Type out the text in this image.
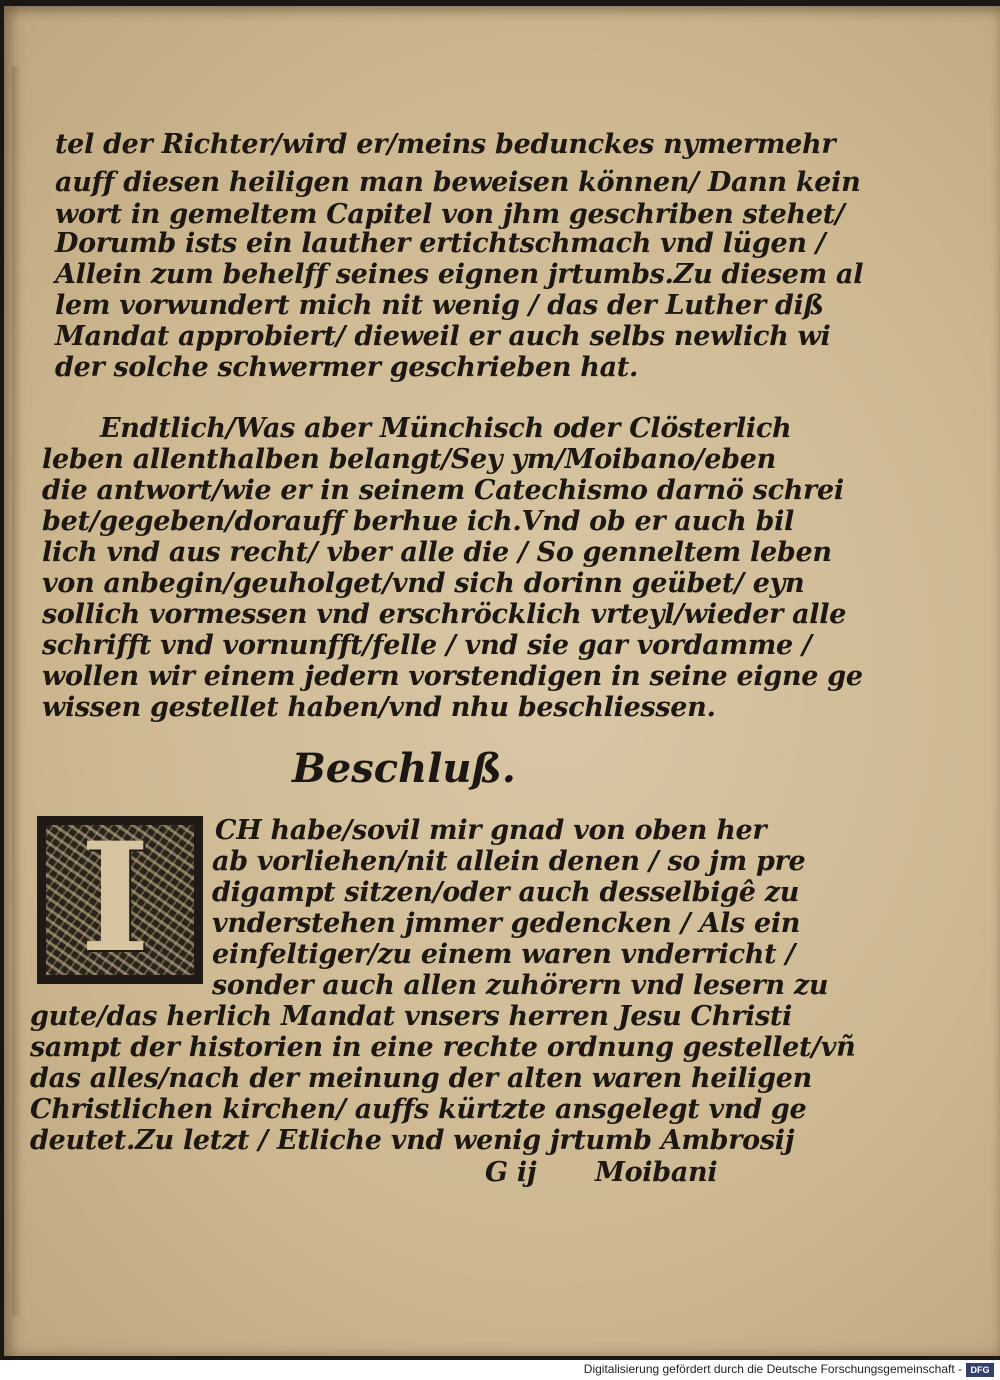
tel der Richter/wird er/meins bedunckes nymermehr
auff diesen heiligen man beweisen können/ Dann kein
wort in gemeltem Capitel von jhm geschriben stehet/
Dorumb ists ein lauther ertichtschmach vnd lügen /
Allein zum behelff seines eignen jrtumbs.Zu diesem al
lem vorwundert mich nit wenig / das der Luther diß
Mandat approbiert/ dieweil er auch selbs newlich wi
der solche schwermer geschrieben hat.
Endtlich/Was aber Münchisch oder Clösterlich
leben allenthalben belangt/Sey ym/Moibano/eben
die antwort/wie er in seinem Catechismo darnö schrei
bet/gegeben/dorauff berhue ich.Vnd ob er auch bil
lich vnd aus recht/ vber alle die / So genneltem leben
von anbegin/geuholget/vnd sich dorinn geübet/ eyn
sollich vormessen vnd erschröcklich vrteyl/wieder alle
schrifft vnd vornunfft/felle / vnd sie gar vordamme /
wollen wir einem jedern vorstendigen in seine eigne ge
wissen gestellet haben/vnd nhu beschliessen.
Beschluß.
I CH habe/sovil mir gnad von oben her
ab vorliehen/nit allein denen / so jm pre
digampt sitzen/oder auch desselbigê zu
vnderstehen jmmer gedencken / Als ein
einfeltiger/zu einem waren vnderricht /
sonder auch allen zuhörern vnd lesern zu
gute/das herlich Mandat vnsers herren Jesu Christi
sampt der historien in eine rechte ordnung gestellet/vñ
das alles/nach der meinung der alten waren heiligen
Christlichen kirchen/ auffs kürtzte ansgelegt vnd ge
deutet.Zu letzt / Etliche vnd wenig jrtumb Ambrosij
G ij Moibani
Digitalisierung gefördert durch die Deutsche Forschungsgemeinschaft - DFG
